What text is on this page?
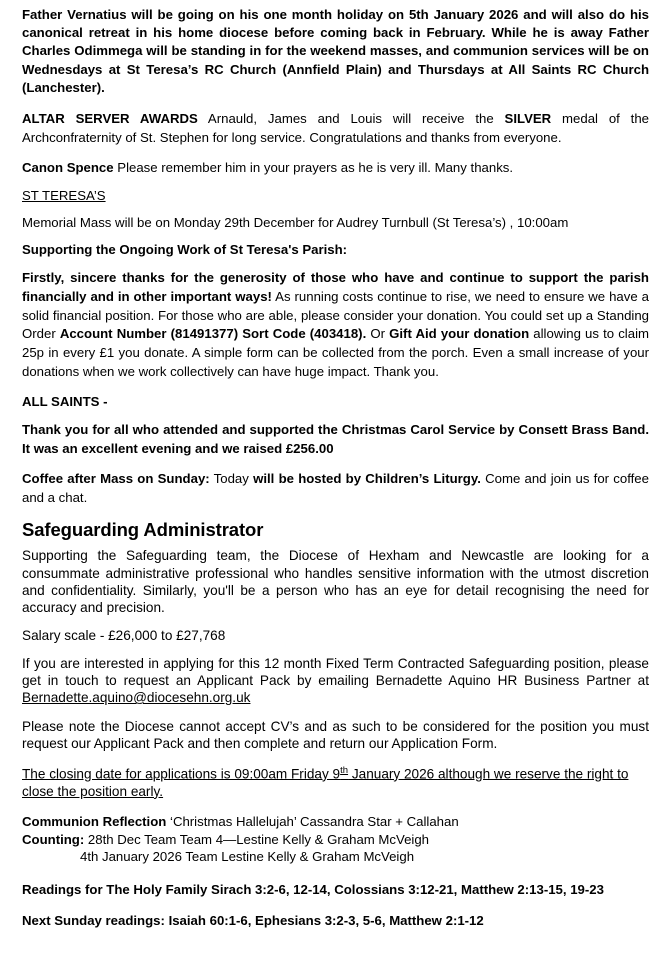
Father Vernatius will be going on his one month holiday on 5th January 2026 and will also do his canonical retreat in his home diocese before coming back in February. While he is away Father Charles Odimmega will be standing in for the weekend masses, and communion services will be on Wednesdays at St Teresa’s RC Church (Annfield Plain) and Thursdays at All Saints RC Church (Lanchester).

ALTAR SERVER AWARDS Arnauld, James and Louis will receive the SILVER medal of the Archconfraternity of St. Stephen for long service. Congratulations and thanks from everyone.

Canon Spence Please remember him in your prayers as he is very ill. Many thanks.

ST TERESA’S

Memorial Mass will be on Monday 29th December for Audrey Turnbull (St Teresa’s) , 10:00am

Supporting the Ongoing Work of St Teresa's Parish:

Firstly, sincere thanks for the generosity of those who have and continue to support the parish financially and in other important ways! As running costs continue to rise, we need to ensure we have a solid financial position. For those who are able, please consider your donation. You could set up a Standing Order Account Number (81491377) Sort Code (403418). Or Gift Aid your donation allowing us to claim 25p in every £1 you donate. A simple form can be collected from the porch. Even a small increase of your donations when we work collectively can have huge impact. Thank you.

ALL SAINTS -

Thank you for all who attended and supported the Christmas Carol Service by Consett Brass Band. It was an excellent evening and we raised £256.00

Coffee after Mass on Sunday: Today will be hosted by Children’s Liturgy. Come and join us for coffee and a chat.

Safeguarding Administrator

Supporting the Safeguarding team, the Diocese of Hexham and Newcastle are looking for a consummate administrative professional who handles sensitive information with the utmost discretion and confidentiality. Similarly, you'll be a person who has an eye for detail recognising the need for accuracy and precision.

Salary scale - £26,000 to £27,768

If you are interested in applying for this 12 month Fixed Term Contracted Safeguarding position, please get in touch to request an Applicant Pack by emailing Bernadette Aquino HR Business Partner at Bernadette.aquino@diocesehn.org.uk

Please note the Diocese cannot accept CV’s and as such to be considered for the position you must request our Applicant Pack and then complete and return our Application Form.

The closing date for applications is 09:00am Friday 9th January 2026 although we reserve the right to close the position early.

Communion Reflection ‘Christmas Hallelujah’ Cassandra Star + Callahan

Counting: 28th Dec Team Team 4—Lestine Kelly & Graham McVeigh

4th January 2026 Team Lestine Kelly & Graham McVeigh

Readings for The Holy Family Sirach 3:2-6, 12-14, Colossians 3:12-21, Matthew 2:13-15, 19-23

Next Sunday readings: Isaiah 60:1-6, Ephesians 3:2-3, 5-6, Matthew 2:1-12
